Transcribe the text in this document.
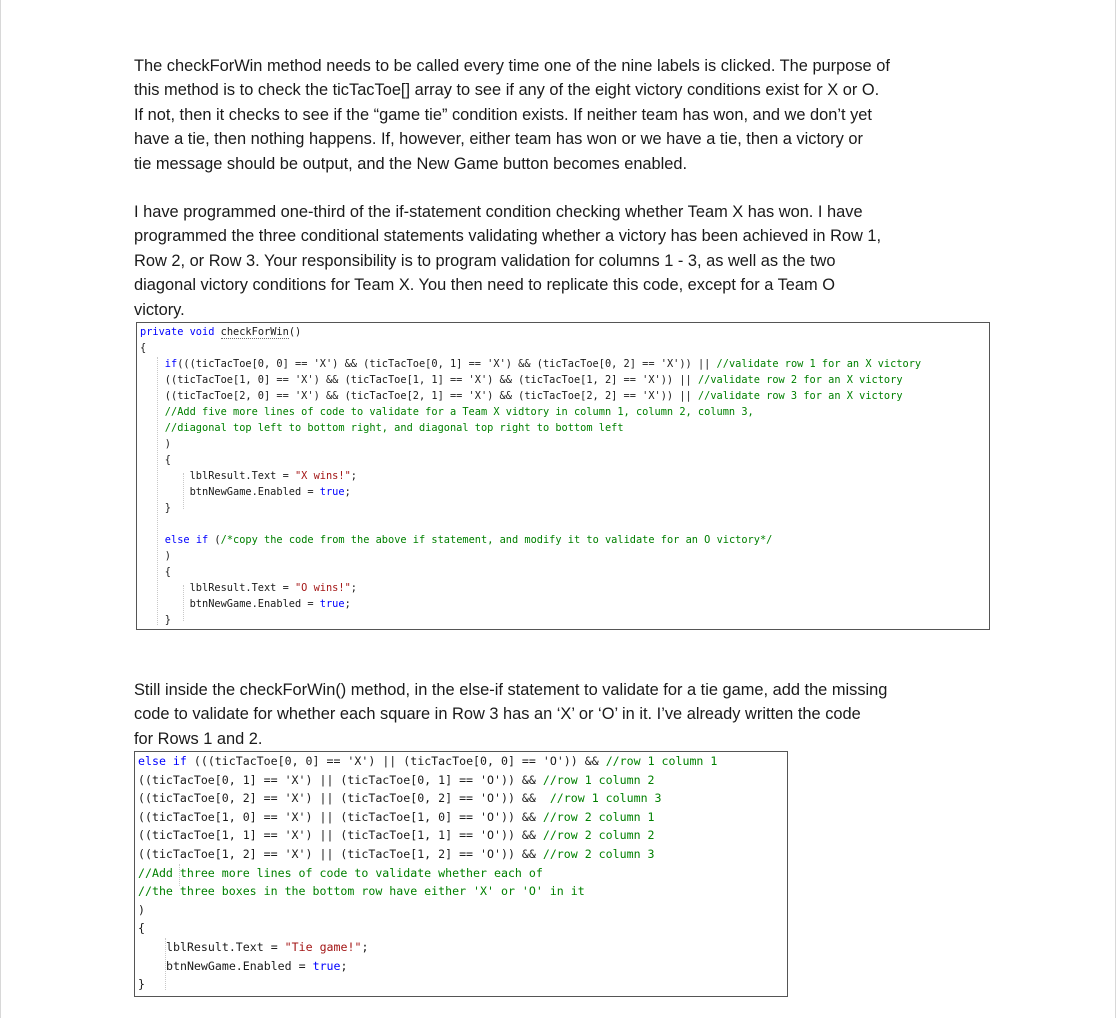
The checkForWin method needs to be called every time one of the nine labels is clicked. The purpose of

this method is to check the ticTacToe[] array to see if any of the eight victory conditions exist for X or O.

If not, then it checks to see if the “game tie” condition exists. If neither team has won, and we don’t yet

have a tie, then nothing happens. If, however, either team has won or we have a tie, then a victory or

tie message should be output, and the New Game button becomes enabled.

I have programmed one-third of the if-statement condition checking whether Team X has won. I have

programmed the three conditional statements validating whether a victory has been achieved in Row 1,

Row 2, or Row 3. Your responsibility is to program validation for columns 1 - 3, as well as the two

diagonal victory conditions for Team X. You then need to replicate this code, except for a Team O

victory.

private void checkForWin()
{
if(((ticTacToe[0, 0] == 'X') && (ticTacToe[0, 1] == 'X') && (ticTacToe[0, 2] == 'X')) || //validate row 1 for an X victory
((ticTacToe[1, 0] == 'X') && (ticTacToe[1, 1] == 'X') && (ticTacToe[1, 2] == 'X')) || //validate row 2 for an X victory
((ticTacToe[2, 0] == 'X') && (ticTacToe[2, 1] == 'X') && (ticTacToe[2, 2] == 'X')) || //validate row 3 for an X victory
//Add five more lines of code to validate for a Team X vidtory in column 1, column 2, column 3,
//diagonal top left to bottom right, and diagonal top right to bottom left
)
{
lblResult.Text = "X wins!";
btnNewGame.Enabled = true;
}
else if (/*copy the code from the above if statement, and modify it to validate for an O victory*/
)
{
lblResult.Text = "O wins!";
btnNewGame.Enabled = true;
}

Still inside the checkForWin() method, in the else-if statement to validate for a tie game, add the missing

code to validate for whether each square in Row 3 has an ‘X’ or ‘O’ in it. I’ve already written the code

for Rows 1 and 2.

else if (((ticTacToe[0, 0] == 'X') || (ticTacToe[0, 0] == 'O')) && //row 1 column 1
((ticTacToe[0, 1] == 'X') || (ticTacToe[0, 1] == 'O')) && //row 1 column 2
((ticTacToe[0, 2] == 'X') || (ticTacToe[0, 2] == 'O')) &&  //row 1 column 3
((ticTacToe[1, 0] == 'X') || (ticTacToe[1, 0] == 'O')) && //row 2 column 1
((ticTacToe[1, 1] == 'X') || (ticTacToe[1, 1] == 'O')) && //row 2 column 2
((ticTacToe[1, 2] == 'X') || (ticTacToe[1, 2] == 'O')) && //row 2 column 3
//Add three more lines of code to validate whether each of
//the three boxes in the bottom row have either 'X' or 'O' in it
)
{
lblResult.Text = "Tie game!";
btnNewGame.Enabled = true;
}
